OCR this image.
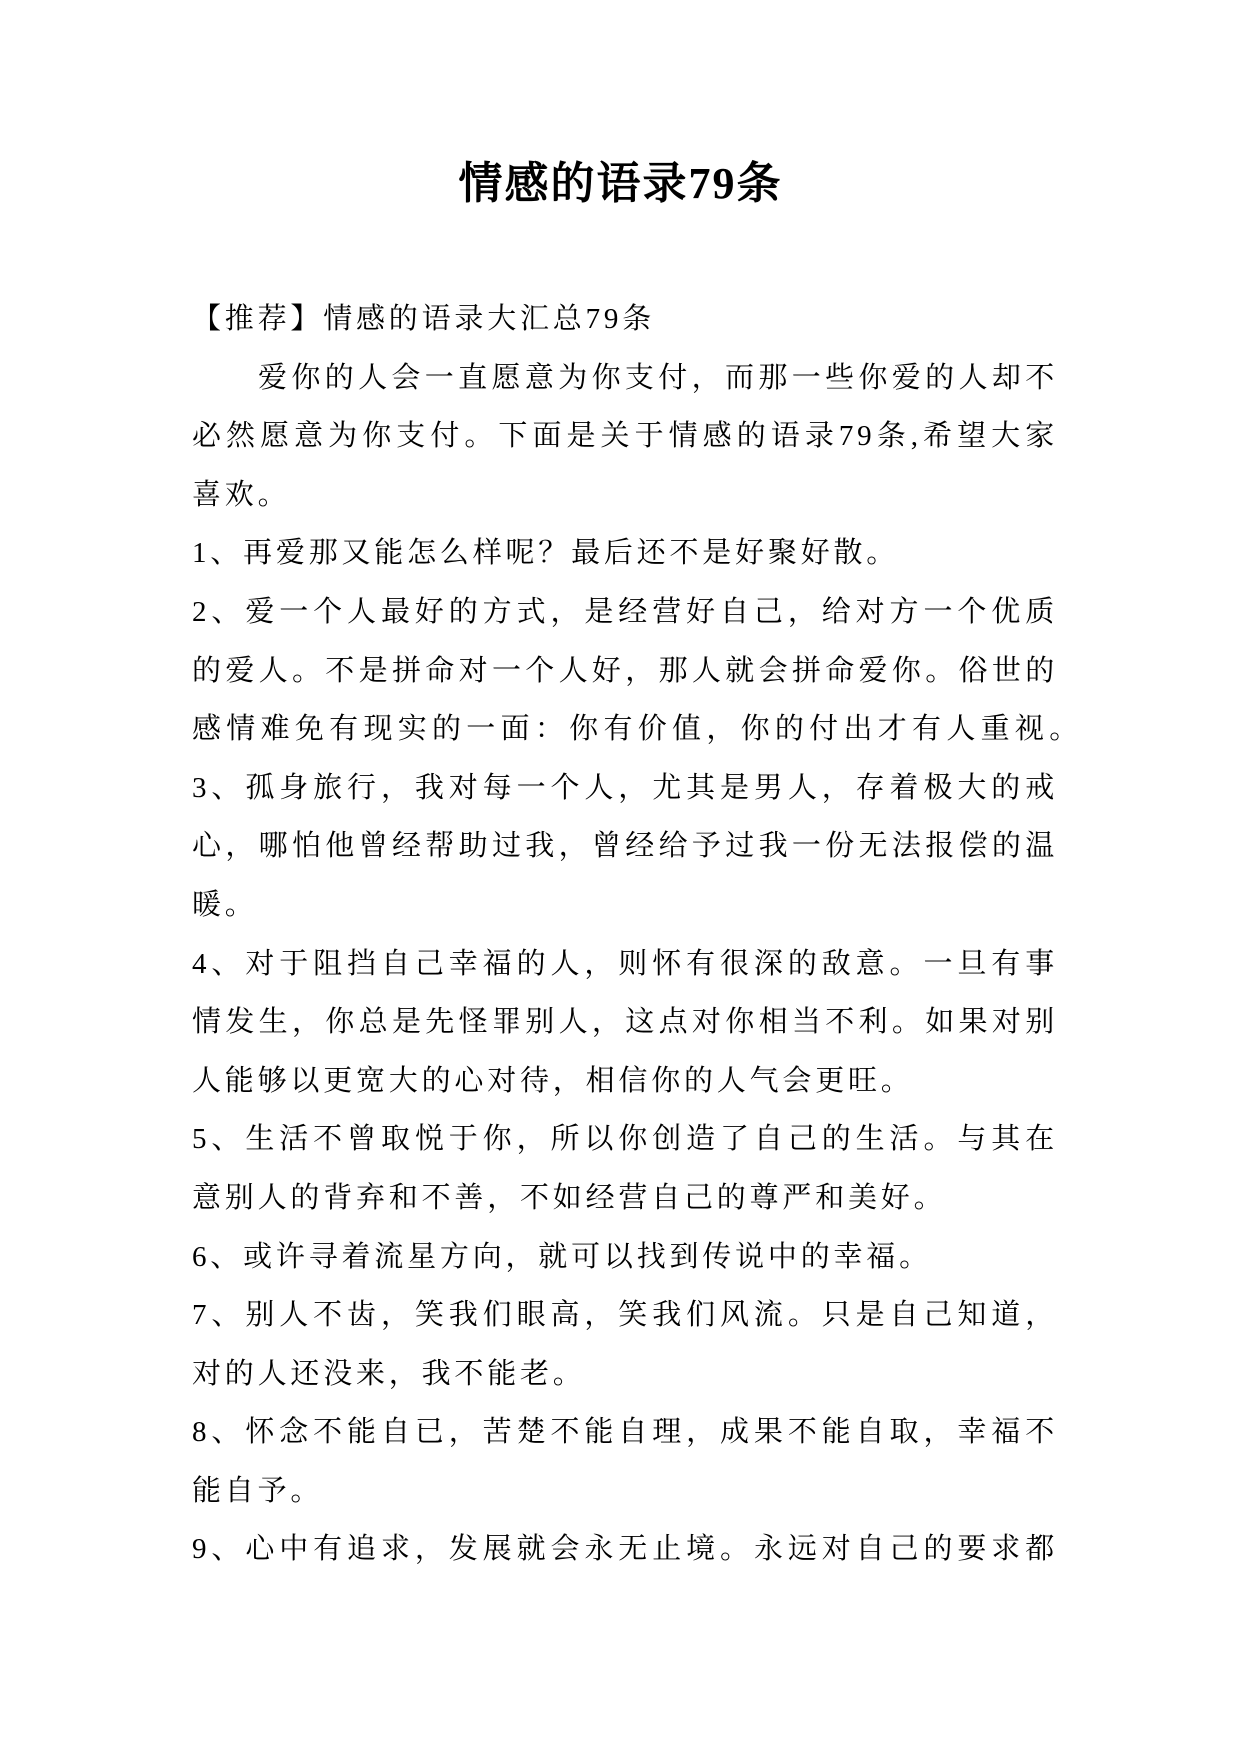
情感的语录79条
【推荐】情感的语录大汇总79条
爱你的人会一直愿意为你支付，而那一些你爱的人却不
必然愿意为你支付。下面是关于情感的语录79条,希望大家
喜欢。
1、再爱那又能怎么样呢？最后还不是好聚好散。
2、爱一个人最好的方式，是经营好自己，给对方一个优质
的爱人。不是拼命对一个人好，那人就会拼命爱你。俗世的
感情难免有现实的一面：你有价值，你的付出才有人重视。
3、孤身旅行，我对每一个人，尤其是男人，存着极大的戒
心，哪怕他曾经帮助过我，曾经给予过我一份无法报偿的温
暖。
4、对于阻挡自己幸福的人，则怀有很深的敌意。一旦有事
情发生，你总是先怪罪别人，这点对你相当不利。如果对别
人能够以更宽大的心对待，相信你的人气会更旺。
5、生活不曾取悦于你，所以你创造了自己的生活。与其在
意别人的背弃和不善，不如经营自己的尊严和美好。
6、或许寻着流星方向，就可以找到传说中的幸福。
7、别人不齿，笑我们眼高，笑我们风流。只是自己知道，
对的人还没来，我不能老。
8、怀念不能自已，苦楚不能自理，成果不能自取，幸福不
能自予。
9、心中有追求，发展就会永无止境。永远对自己的要求都
